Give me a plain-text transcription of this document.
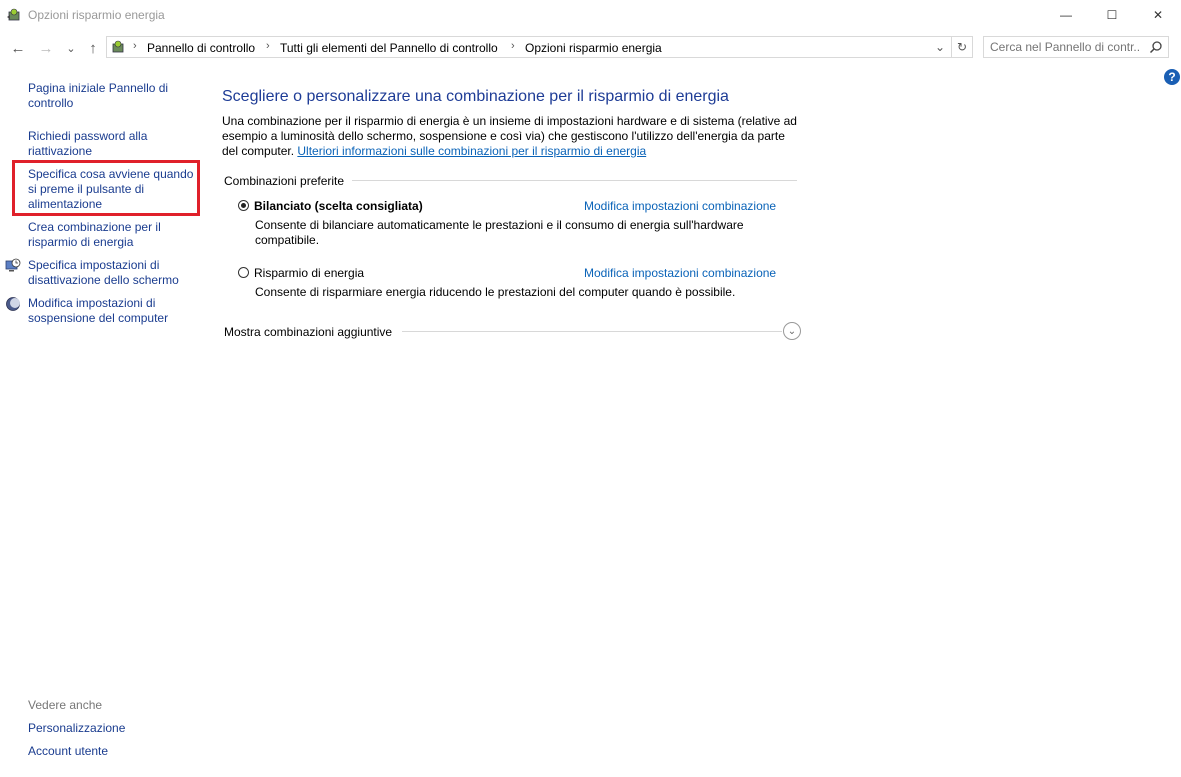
Opzioni risparmio energia	—	☐	✕
← → ⌄ ↑	› Pannello di controllo › Tutti gli elementi del Pannello di controllo › Opzioni risparmio energia	⌄ ↻
Cerca nel Pannello di contr...
?
Pagina iniziale Pannello di controllo
Richiedi password alla riattivazione
Specifica cosa avviene quando si preme il pulsante di alimentazione
Crea combinazione per il risparmio di energia
Specifica impostazioni di disattivazione dello schermo
Modifica impostazioni di sospensione del computer
Vedere anche
Personalizzazione
Account utente
Scegliere o personalizzare una combinazione per il risparmio di energia
Una combinazione per il risparmio di energia è un insieme di impostazioni hardware e di sistema (relative ad esempio a luminosità dello schermo, sospensione e così via) che gestiscono l'utilizzo dell'energia da parte del computer. Ulteriori informazioni sulle combinazioni per il risparmio di energia
Combinazioni preferite
Bilanciato (scelta consigliata)	Modifica impostazioni combinazione
Consente di bilanciare automaticamente le prestazioni e il consumo di energia sull'hardware compatibile.
Risparmio di energia	Modifica impostazioni combinazione
Consente di risparmiare energia riducendo le prestazioni del computer quando è possibile.
Mostra combinazioni aggiuntive	⌄
